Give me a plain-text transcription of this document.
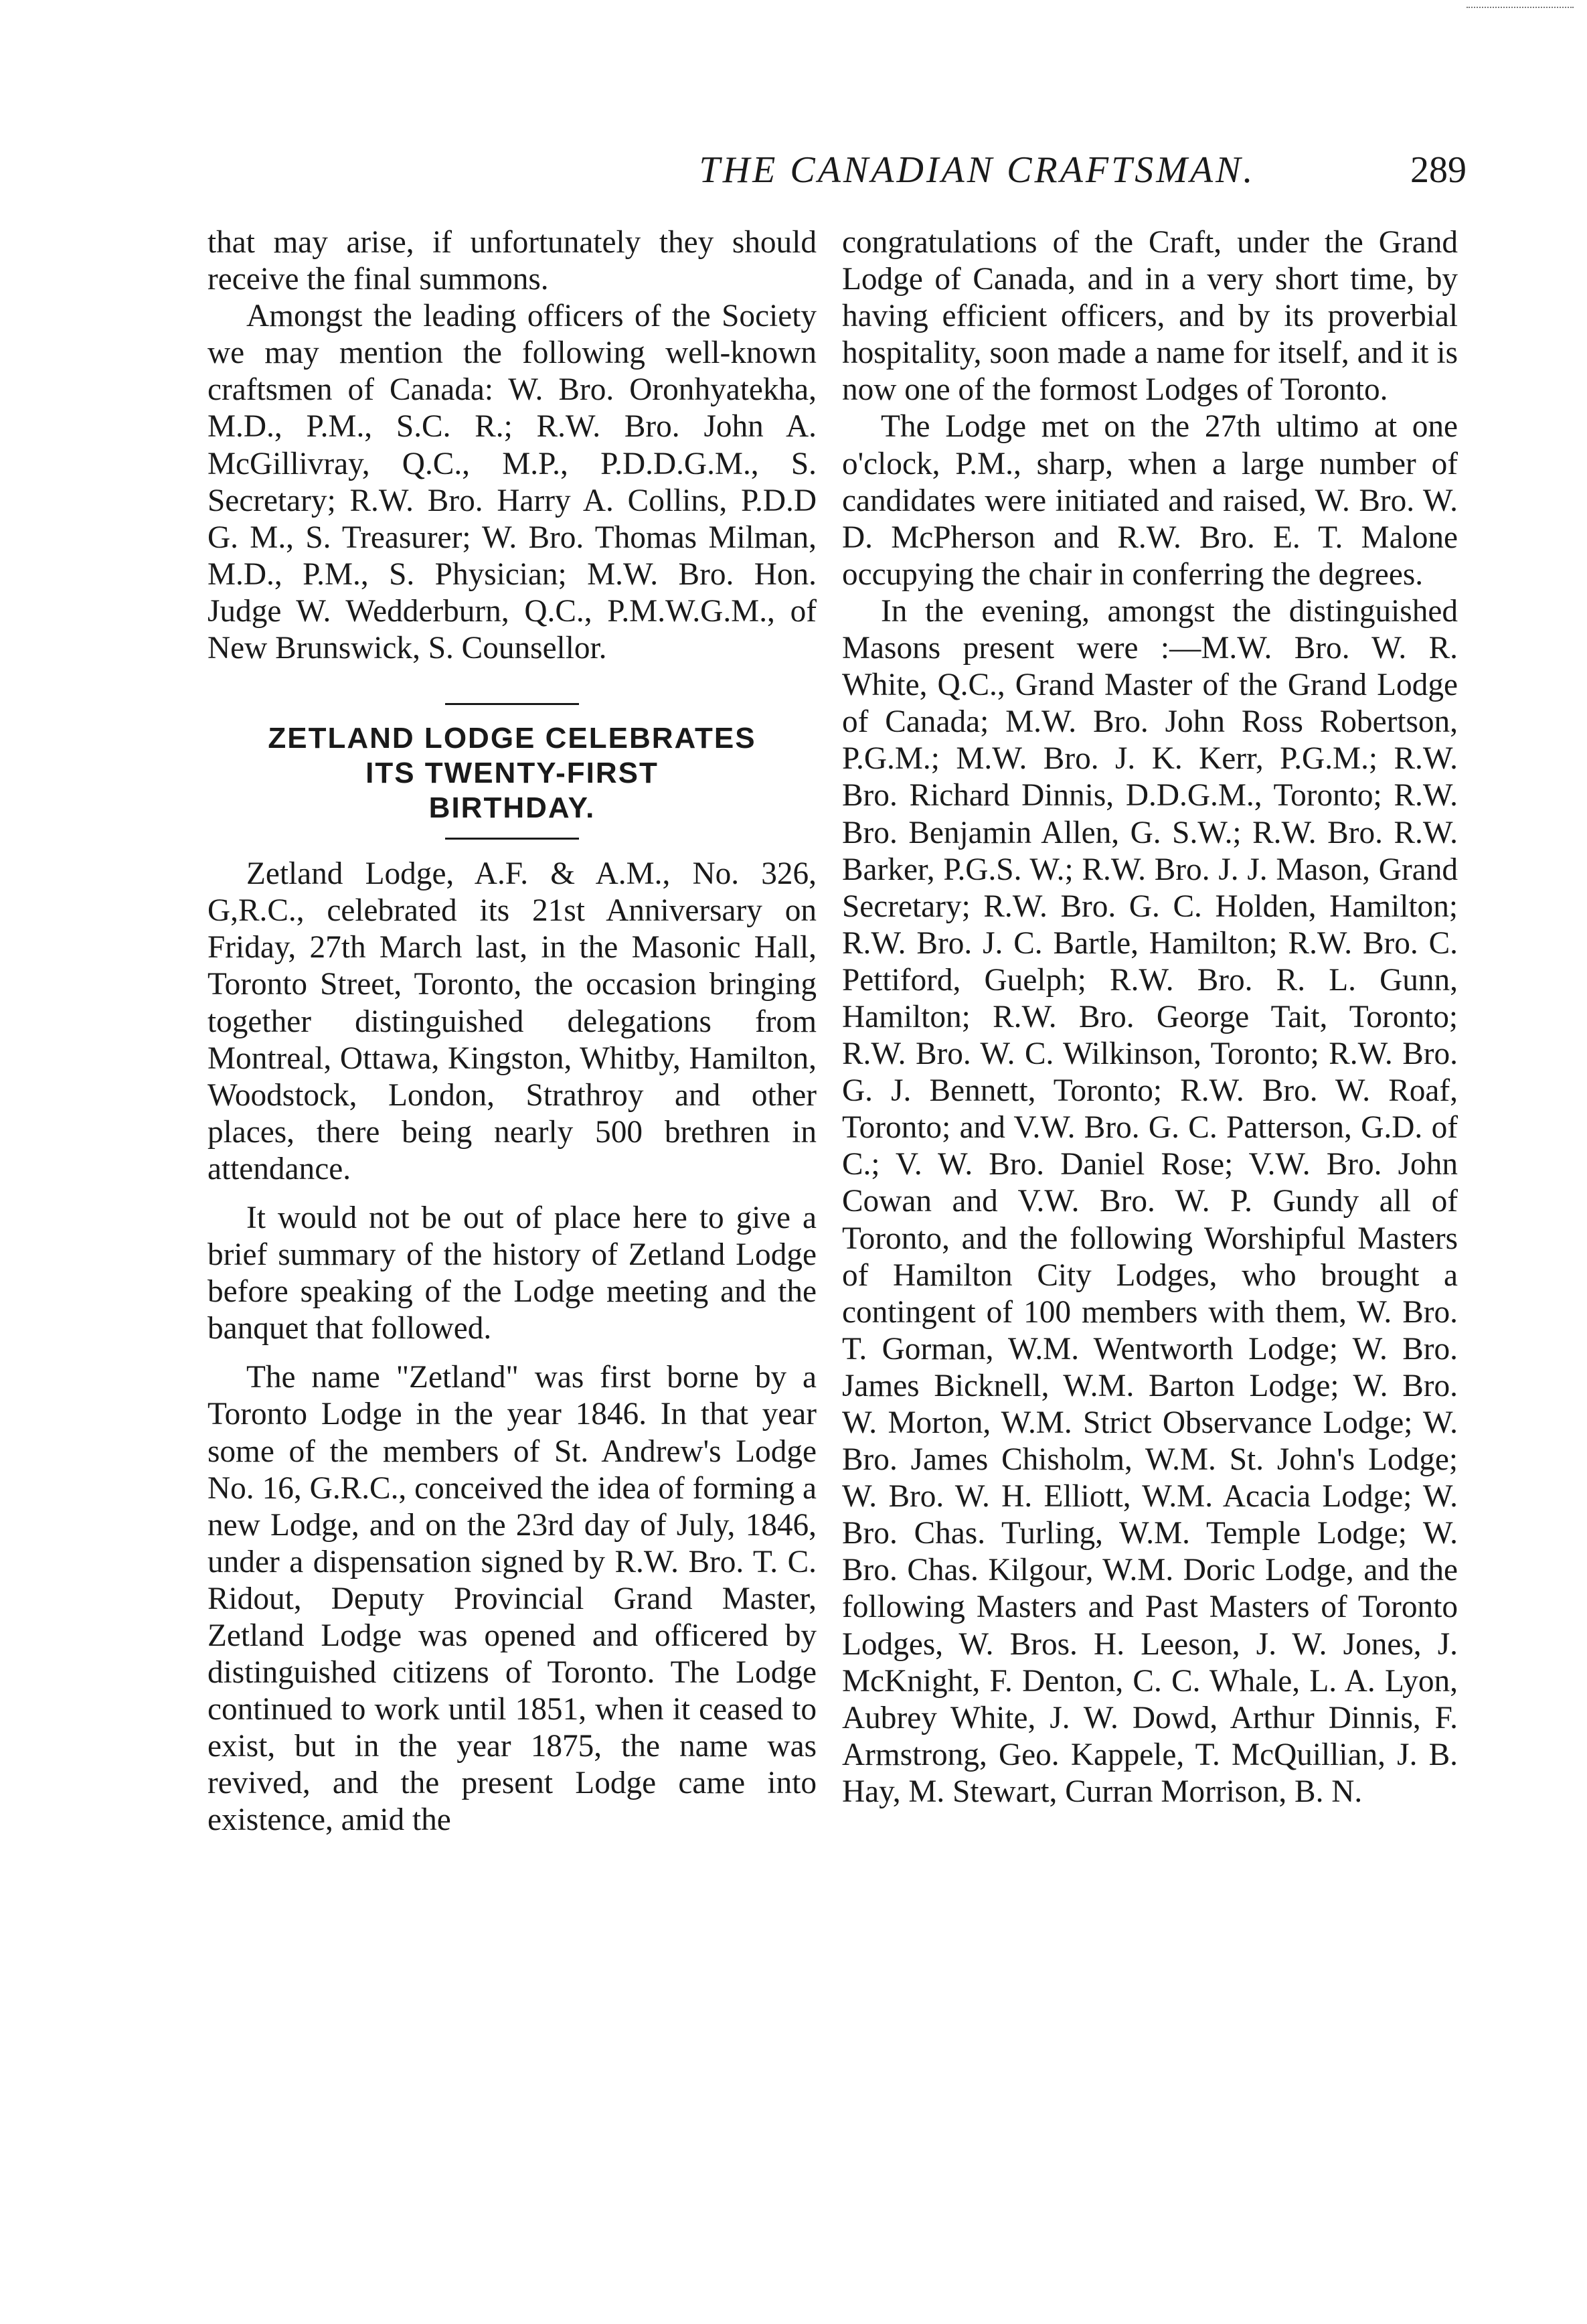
THE CANADIAN CRAFTSMAN.	289

that may arise, if unfortunately they should receive the final summons.

Amongst the leading officers of the Society we may mention the following well-known craftsmen of Canada: W. Bro. Oronhyatekha, M.D., P.M., S.C. R.; R.W. Bro. John A. McGillivray, Q.C., M.P., P.D.D.G.M., S. Secretary; R.W. Bro. Harry A. Collins, P.D.D G. M., S. Treasurer; W. Bro. Thomas Milman, M.D., P.M., S. Physician; M.W. Bro. Hon. Judge W. Wedderburn, Q.C., P.M.W.G.M., of New Brunswick, S. Counsellor.

ZETLAND LODGE CELEBRATES
ITS TWENTY-FIRST
BIRTHDAY.

Zetland Lodge, A.F. & A.M., No. 326, G,R.C., celebrated its 21st Anniversary on Friday, 27th March last, in the Masonic Hall, Toronto Street, Toronto, the occasion bringing together distinguished delegations from Montreal, Ottawa, Kingston, Whitby, Hamilton, Woodstock, London, Strathroy and other places, there being nearly 500 brethren in attendance.

It would not be out of place here to give a brief summary of the history of Zetland Lodge before speaking of the Lodge meeting and the banquet that followed.

The name "Zetland" was first borne by a Toronto Lodge in the year 1846. In that year some of the members of St. Andrew's Lodge No. 16, G.R.C., conceived the idea of forming a new Lodge, and on the 23rd day of July, 1846, under a dispensation signed by R.W. Bro. T. C. Ridout, Deputy Provincial Grand Master, Zetland Lodge was opened and officered by distinguished citizens of Toronto. The Lodge continued to work until 1851, when it ceased to exist, but in the year 1875, the name was revived, and the present Lodge came into existence, amid the

congratulations of the Craft, under the Grand Lodge of Canada, and in a very short time, by having efficient officers, and by its proverbial hospitality, soon made a name for itself, and it is now one of the formost Lodges of Toronto.

The Lodge met on the 27th ultimo at one o'clock, P.M., sharp, when a large number of candidates were initiated and raised, W. Bro. W. D. McPherson and R.W. Bro. E. T. Malone occupying the chair in conferring the degrees.

In the evening, amongst the distinguished Masons present were :—M.W. Bro. W. R. White, Q.C., Grand Master of the Grand Lodge of Canada; M.W. Bro. John Ross Robertson, P.G.M.; M.W. Bro. J. K. Kerr, P.G.M.; R.W. Bro. Richard Dinnis, D.D.G.M., Toronto; R.W. Bro. Benjamin Allen, G. S.W.; R.W. Bro. R.W. Barker, P.G.S. W.; R.W. Bro. J. J. Mason, Grand Secretary; R.W. Bro. G. C. Holden, Hamilton; R.W. Bro. J. C. Bartle, Hamilton; R.W. Bro. C. Pettiford, Guelph; R.W. Bro. R. L. Gunn, Hamilton; R.W. Bro. George Tait, Toronto; R.W. Bro. W. C. Wilkinson, Toronto; R.W. Bro. G. J. Bennett, Toronto; R.W. Bro. W. Roaf, Toronto; and V.W. Bro. G. C. Patterson, G.D. of C.; V. W. Bro. Daniel Rose; V.W. Bro. John Cowan and V.W. Bro. W. P. Gundy all of Toronto, and the following Worshipful Masters of Hamilton City Lodges, who brought a contingent of 100 members with them, W. Bro. T. Gorman, W.M. Wentworth Lodge; W. Bro. James Bicknell, W.M. Barton Lodge; W. Bro. W. Morton, W.M. Strict Observance Lodge; W. Bro. James Chisholm, W.M. St. John's Lodge; W. Bro. W. H. Elliott, W.M. Acacia Lodge; W. Bro. Chas. Turling, W.M. Temple Lodge; W. Bro. Chas. Kilgour, W.M. Doric Lodge, and the following Masters and Past Masters of Toronto Lodges, W. Bros. H. Leeson, J. W. Jones, J. McKnight, F. Denton, C. C. Whale, L. A. Lyon, Aubrey White, J. W. Dowd, Arthur Dinnis, F. Armstrong, Geo. Kappele, T. McQuillian, J. B. Hay, M. Stewart, Curran Morrison, B. N.
